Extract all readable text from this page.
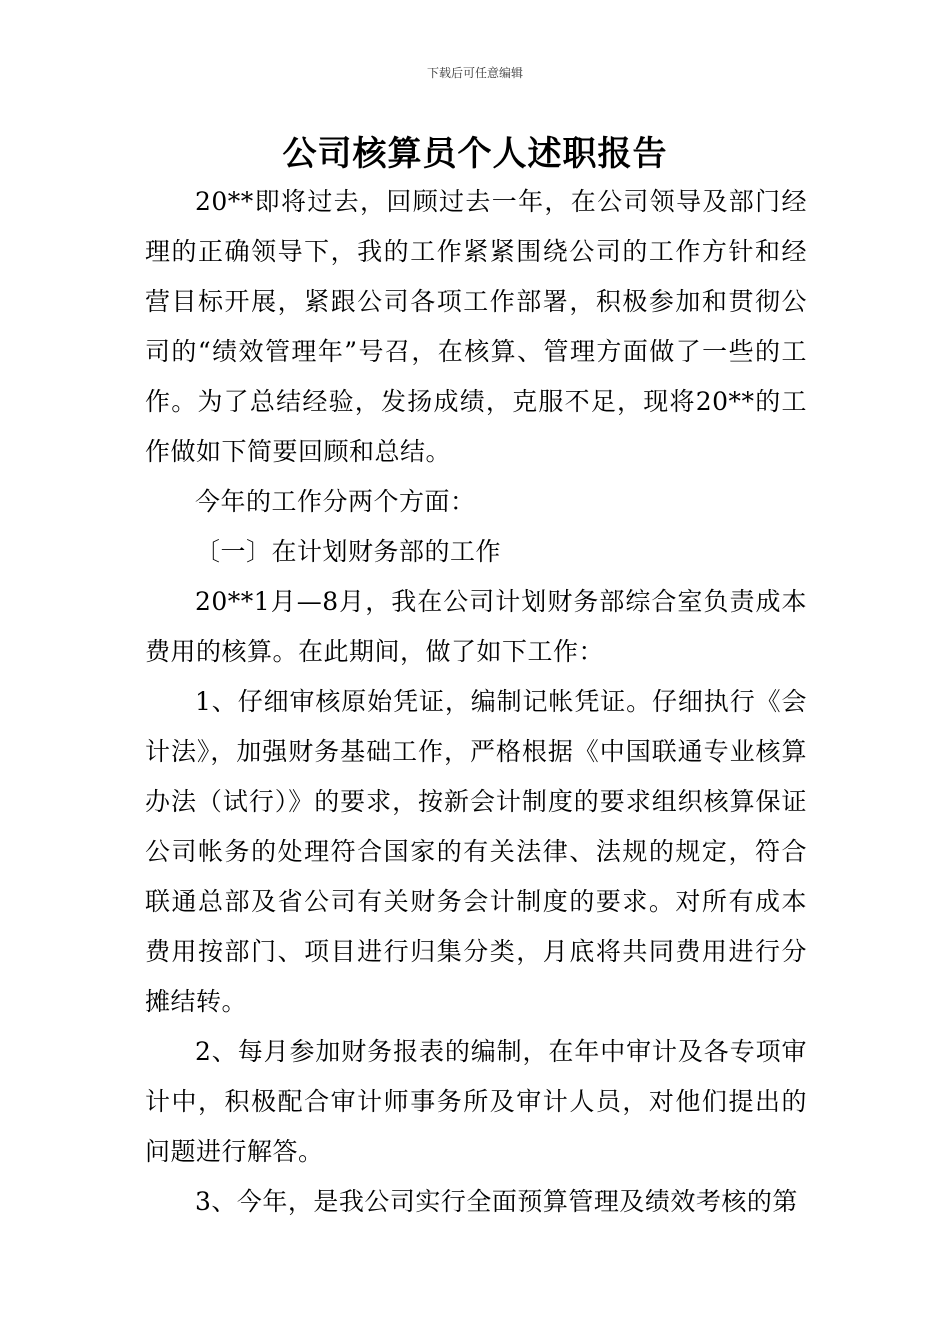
下载后可任意编辑
公司核算员个人述职报告

20**即将过去，回顾过去一年，在公司领导及部门经理的正确领导下，我的工作紧紧围绕公司的工作方针和经营目标开展，紧跟公司各项工作部署，积极参加和贯彻公司的“绩效管理年”号召，在核算、管理方面做了一些的工作。为了总结经验，发扬成绩，克服不足，现将20**的工作做如下简要回顾和总结。

今年的工作分两个方面：

〔一〕在计划财务部的工作

20**1月—8月，我在公司计划财务部综合室负责成本费用的核算。在此期间，做了如下工作：

1、仔细审核原始凭证，编制记帐凭证。仔细执行《会计法》，加强财务基础工作，严格根据《中国联通专业核算办法（试行）》的要求，按新会计制度的要求组织核算保证公司帐务的处理符合国家的有关法律、法规的规定，符合联通总部及省公司有关财务会计制度的要求。对所有成本费用按部门、项目进行归集分类，月底将共同费用进行分摊结转。

2、每月参加财务报表的编制，在年中审计及各专项审计中，积极配合审计师事务所及审计人员，对他们提出的问题进行解答。

3、今年，是我公司实行全面预算管理及绩效考核的第
